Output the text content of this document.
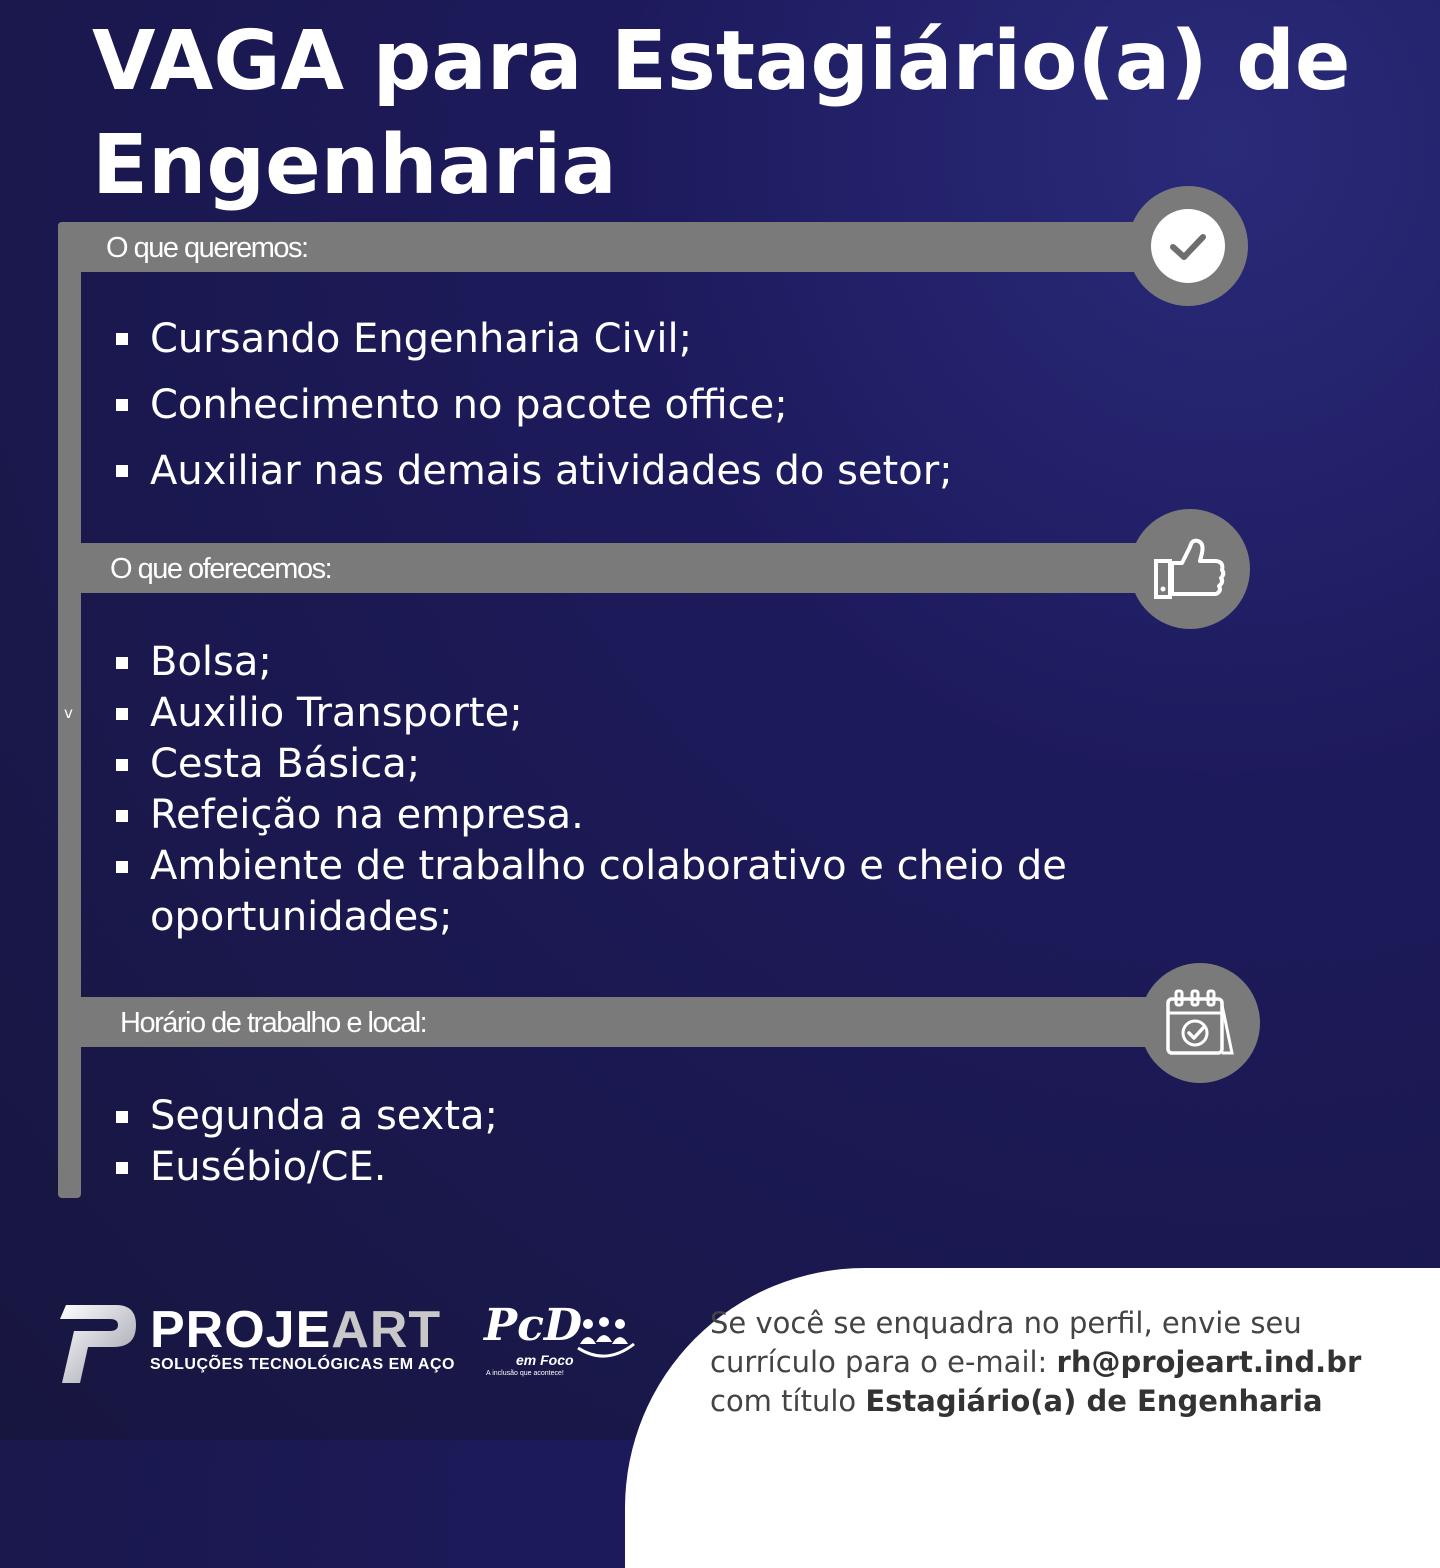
VAGA para Estagiário(a) de Engenharia
O que queremos:
Cursando Engenharia Civil;
Conhecimento no pacote office;
Auxiliar nas demais atividades do setor;
O que oferecemos:
v
Bolsa;
Auxilio Transporte;
Cesta Básica;
Refeição na empresa.
Ambiente de trabalho colaborativo e cheio de oportunidades;
Horário de trabalho e local:
Segunda a sexta;
Eusébio/CE.
PROJEART
SOLUÇÕES TECNOLÓGICAS EM AÇO
PcD
em Foco
A inclusão que acontece!
Se você se enquadra no perfil, envie seu
currículo para o e-mail: rh@projeart.ind.br
com título Estagiário(a) de Engenharia
